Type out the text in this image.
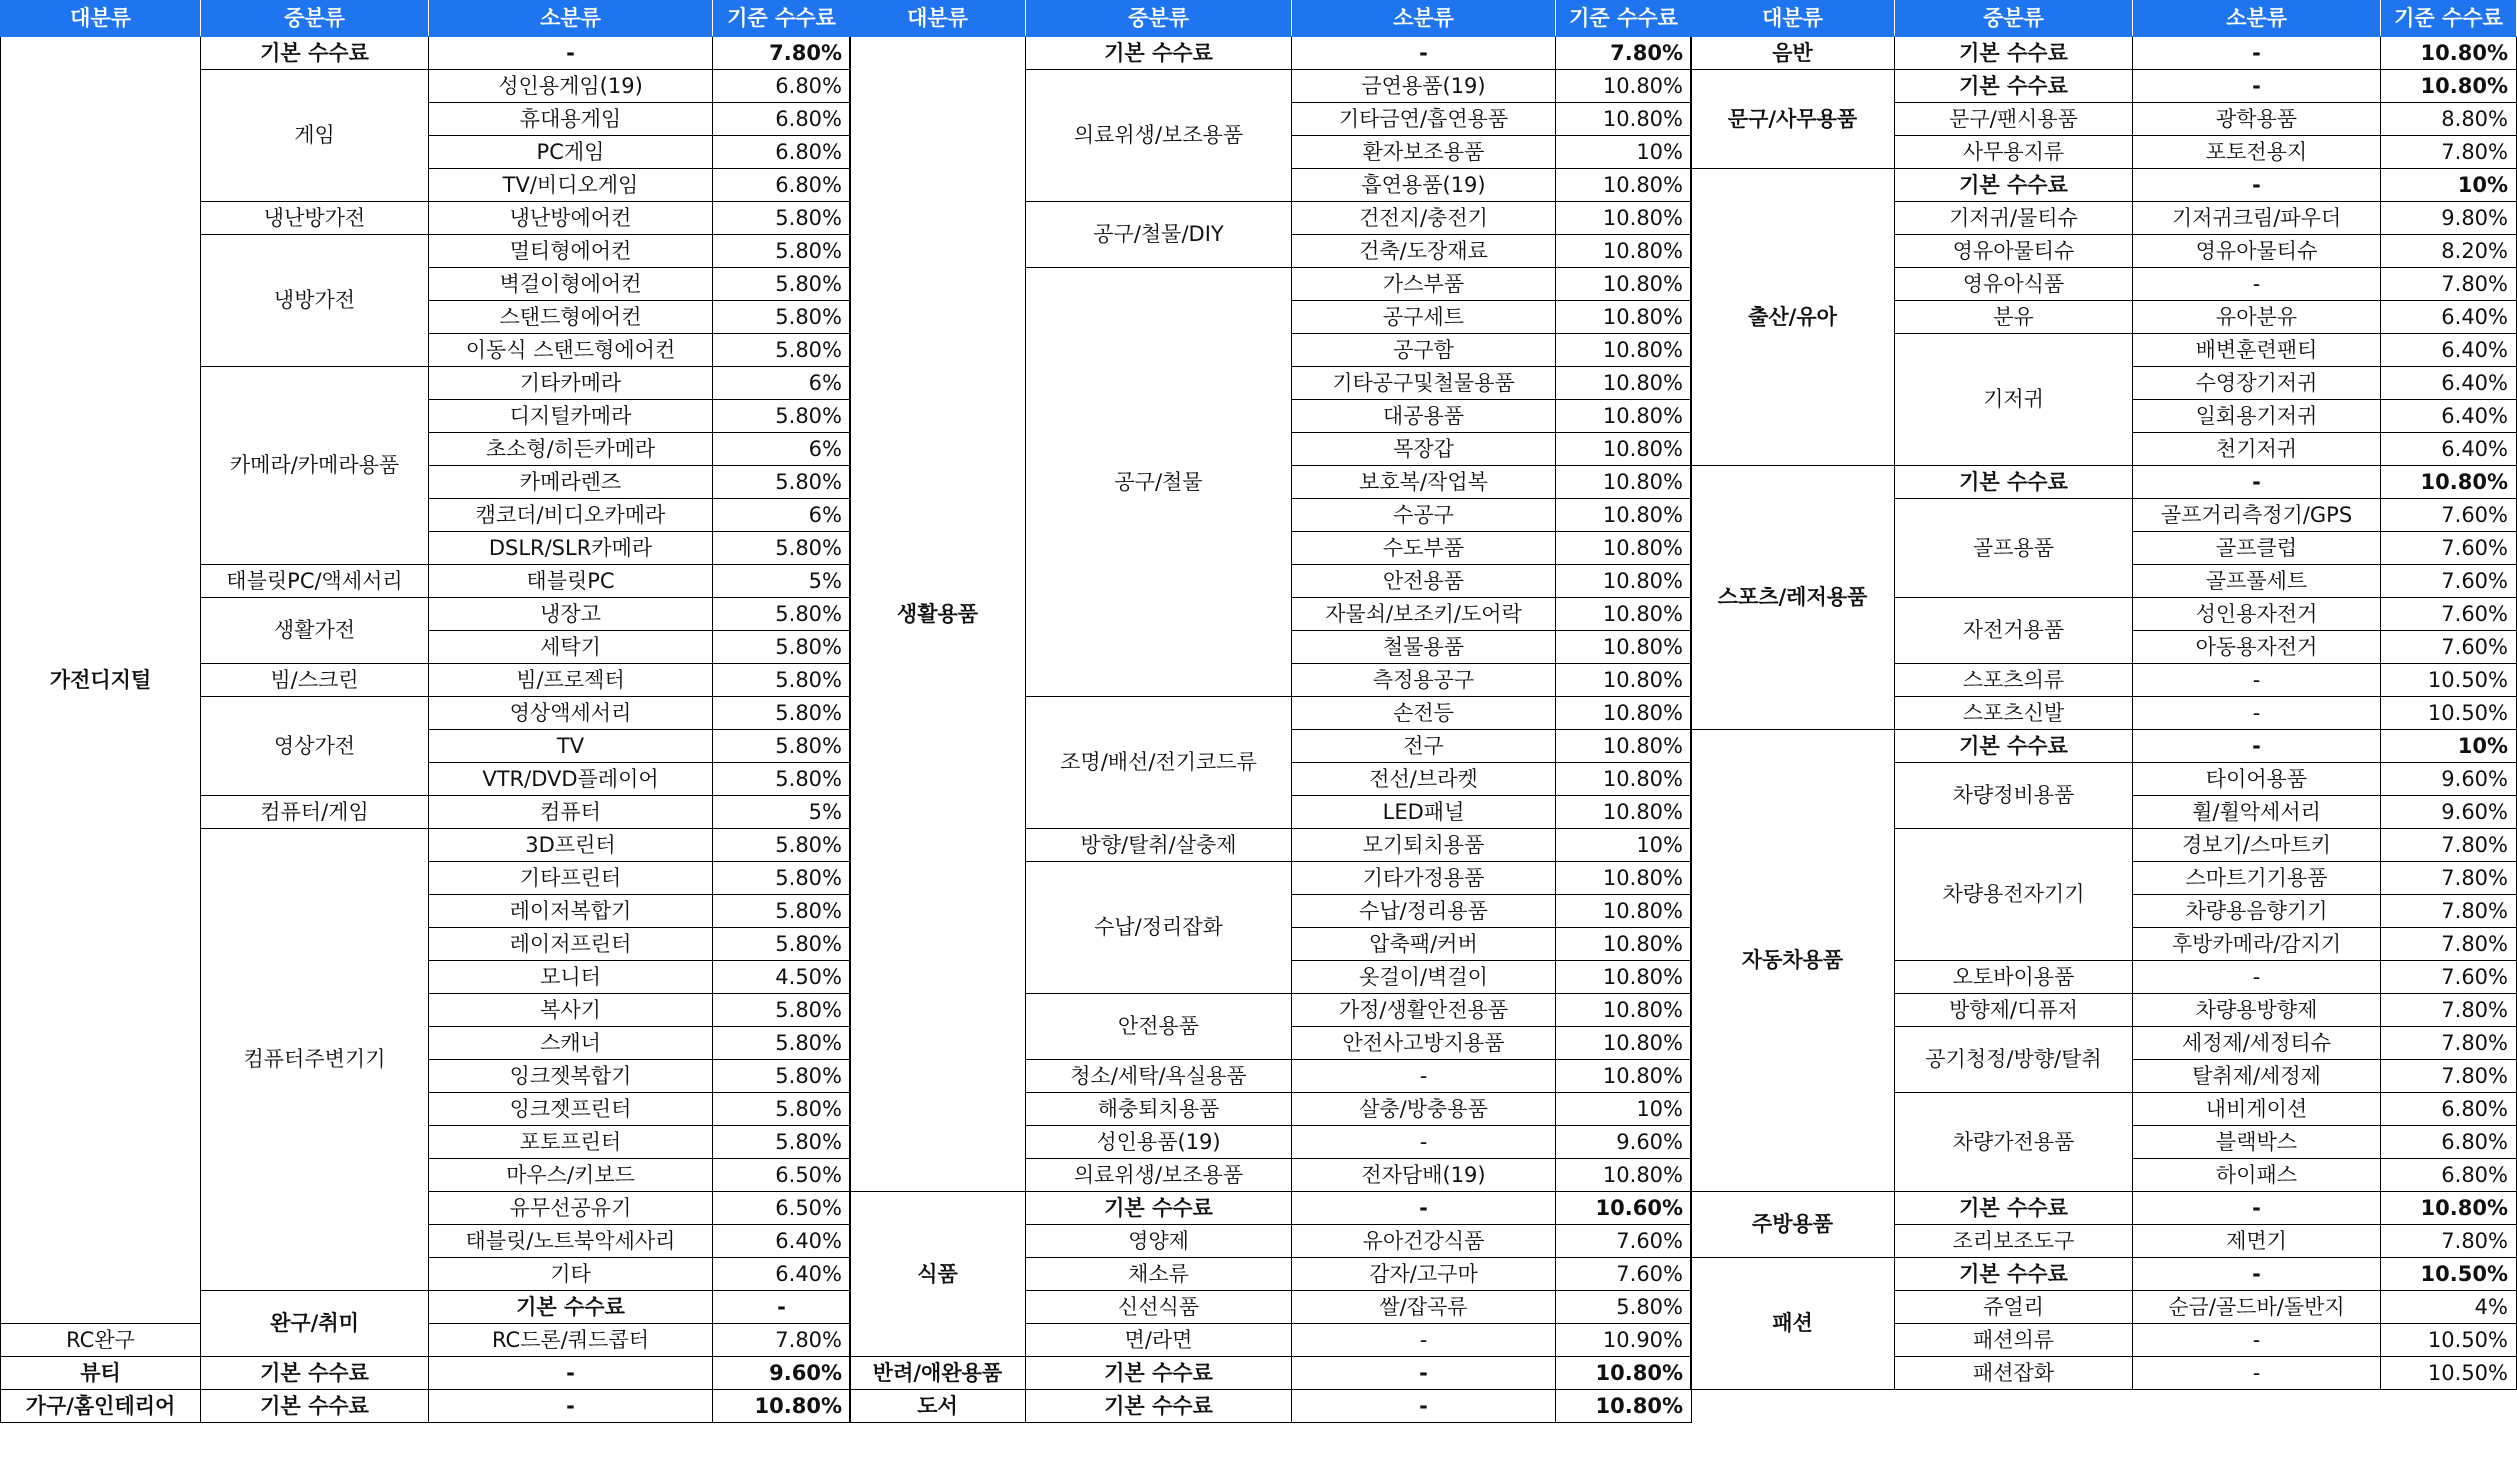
대분류	중분류	소분류	기준 수수료	
가전디지털	기본 수수료	-	7.80%	
	게임	성인용게임(19)	6.80%	
		휴대용게임	6.80%	
		PC게임	6.80%	
		TV/비디오게임	6.80%	
	냉난방가전	냉난방에어컨	5.80%	
	냉방가전	멀티형에어컨	5.80%	
		벽걸이형에어컨	5.80%	
		스탠드형에어컨	5.80%	
		이동식 스탠드형에어컨	5.80%	
	카메라/카메라용품	기타카메라	6%	
		디지털카메라	5.80%	
		초소형/히든카메라	6%	
		카메라렌즈	5.80%	
		캠코더/비디오카메라	6%	
		DSLR/SLR카메라	5.80%	
	태블릿PC/액세서리	태블릿PC	5%	
	생활가전	냉장고	5.80%	
		세탁기	5.80%	
	빔/스크린	빔/프로젝터	5.80%	
	영상가전	영상액세서리	5.80%	
		TV	5.80%	
		VTR/DVD플레이어	5.80%	
	컴퓨터/게임	컴퓨터	5%	
	컴퓨터주변기기	3D프린터	5.80%	
		기타프린터	5.80%	
		레이저복합기	5.80%	
		레이저프린터	5.80%	
		모니터	4.50%	
		복사기	5.80%	
		스캐너	5.80%	
		잉크젯복합기	5.80%	
		잉크젯프린터	5.80%	
		포토프린터	5.80%	
		마우스/키보드	6.50%	
		유무선공유기	6.50%	
		태블릿/노트북악세사리	6.40%	
		기타	6.40%	
	완구/취미	기본 수수료	-	
RC완구		RC드론/쿼드콥터	7.80%	
뷰티	기본 수수료	-	9.60%	
가구/홈인테리어	기본 수수료	-	10.80%	
대분류	중분류	소분류	기준 수수료
생활용품	기본 수수료	-	7.80%
	의료위생/보조용품	금연용품(19)	10.80%
		기타금연/흡연용품	10.80%
		환자보조용품	10%
		흡연용품(19)	10.80%
	공구/철물/DIY	건전지/충전기	10.80%
		건축/도장재료	10.80%
	공구/철물	가스부품	10.80%
		공구세트	10.80%
		공구함	10.80%
		기타공구및철물용품	10.80%
		대공용품	10.80%
		목장갑	10.80%
		보호복/작업복	10.80%
		수공구	10.80%
		수도부품	10.80%
		안전용품	10.80%
		자물쇠/보조키/도어락	10.80%
		철물용품	10.80%
		측정용공구	10.80%
	조명/배선/전기코드류	손전등	10.80%
		전구	10.80%
		전선/브라켓	10.80%
		LED패널	10.80%
	방향/탈취/살충제	모기퇴치용품	10%
	수납/정리잡화	기타가정용품	10.80%
		수납/정리용품	10.80%
		압축팩/커버	10.80%
		옷걸이/벽걸이	10.80%
	안전용품	가정/생활안전용품	10.80%
		안전사고방지용품	10.80%
	청소/세탁/욕실용품	-	10.80%
	해충퇴치용품	살충/방충용품	10%
	성인용품(19)	-	9.60%
	의료위생/보조용품	전자담배(19)	10.80%
식품	기본 수수료	-	10.60%
	영양제	유아건강식품	7.60%
	채소류	감자/고구마	7.60%
	신선식품	쌀/잡곡류	5.80%
	면/라면	-	10.90%
반려/애완용품	기본 수수료	-	10.80%
도서	기본 수수료	-	10.80%
대분류	중분류	소분류	기준 수수료
음반	기본 수수료	-	10.80%
문구/사무용품	기본 수수료	-	10.80%
	문구/팬시용품	광학용품	8.80%
	사무용지류	포토전용지	7.80%
출산/유아	기본 수수료	-	10%
	기저귀/물티슈	기저귀크림/파우더	9.80%
	영유아물티슈	영유아물티슈	8.20%
	영유아식품	-	7.80%
	분유	유아분유	6.40%
	기저귀	배변훈련팬티	6.40%
		수영장기저귀	6.40%
		일회용기저귀	6.40%
		천기저귀	6.40%
스포츠/레저용품	기본 수수료	-	10.80%
	골프용품	골프거리측정기/GPS	7.60%
		골프클럽	7.60%
		골프풀세트	7.60%
	자전거용품	성인용자전거	7.60%
		아동용자전거	7.60%
	스포츠의류	-	10.50%
	스포츠신발	-	10.50%
자동차용품	기본 수수료	-	10%
	차량정비용품	타이어용품	9.60%
		휠/휠악세서리	9.60%
	차량용전자기기	경보기/스마트키	7.80%
		스마트기기용품	7.80%
		차량용음향기기	7.80%
		후방카메라/감지기	7.80%
	오토바이용품	-	7.60%
	방향제/디퓨저	차량용방향제	7.80%
	공기청정/방향/탈취	세정제/세정티슈	7.80%
		탈취제/세정제	7.80%
	차량가전용품	내비게이션	6.80%
		블랙박스	6.80%
		하이패스	6.80%
주방용품	기본 수수료	-	10.80%
	조리보조도구	제면기	7.80%
패션	기본 수수료	-	10.50%
	쥬얼리	순금/골드바/돌반지	4%
	패션의류	-	10.50%
	패션잡화	-	10.50%
